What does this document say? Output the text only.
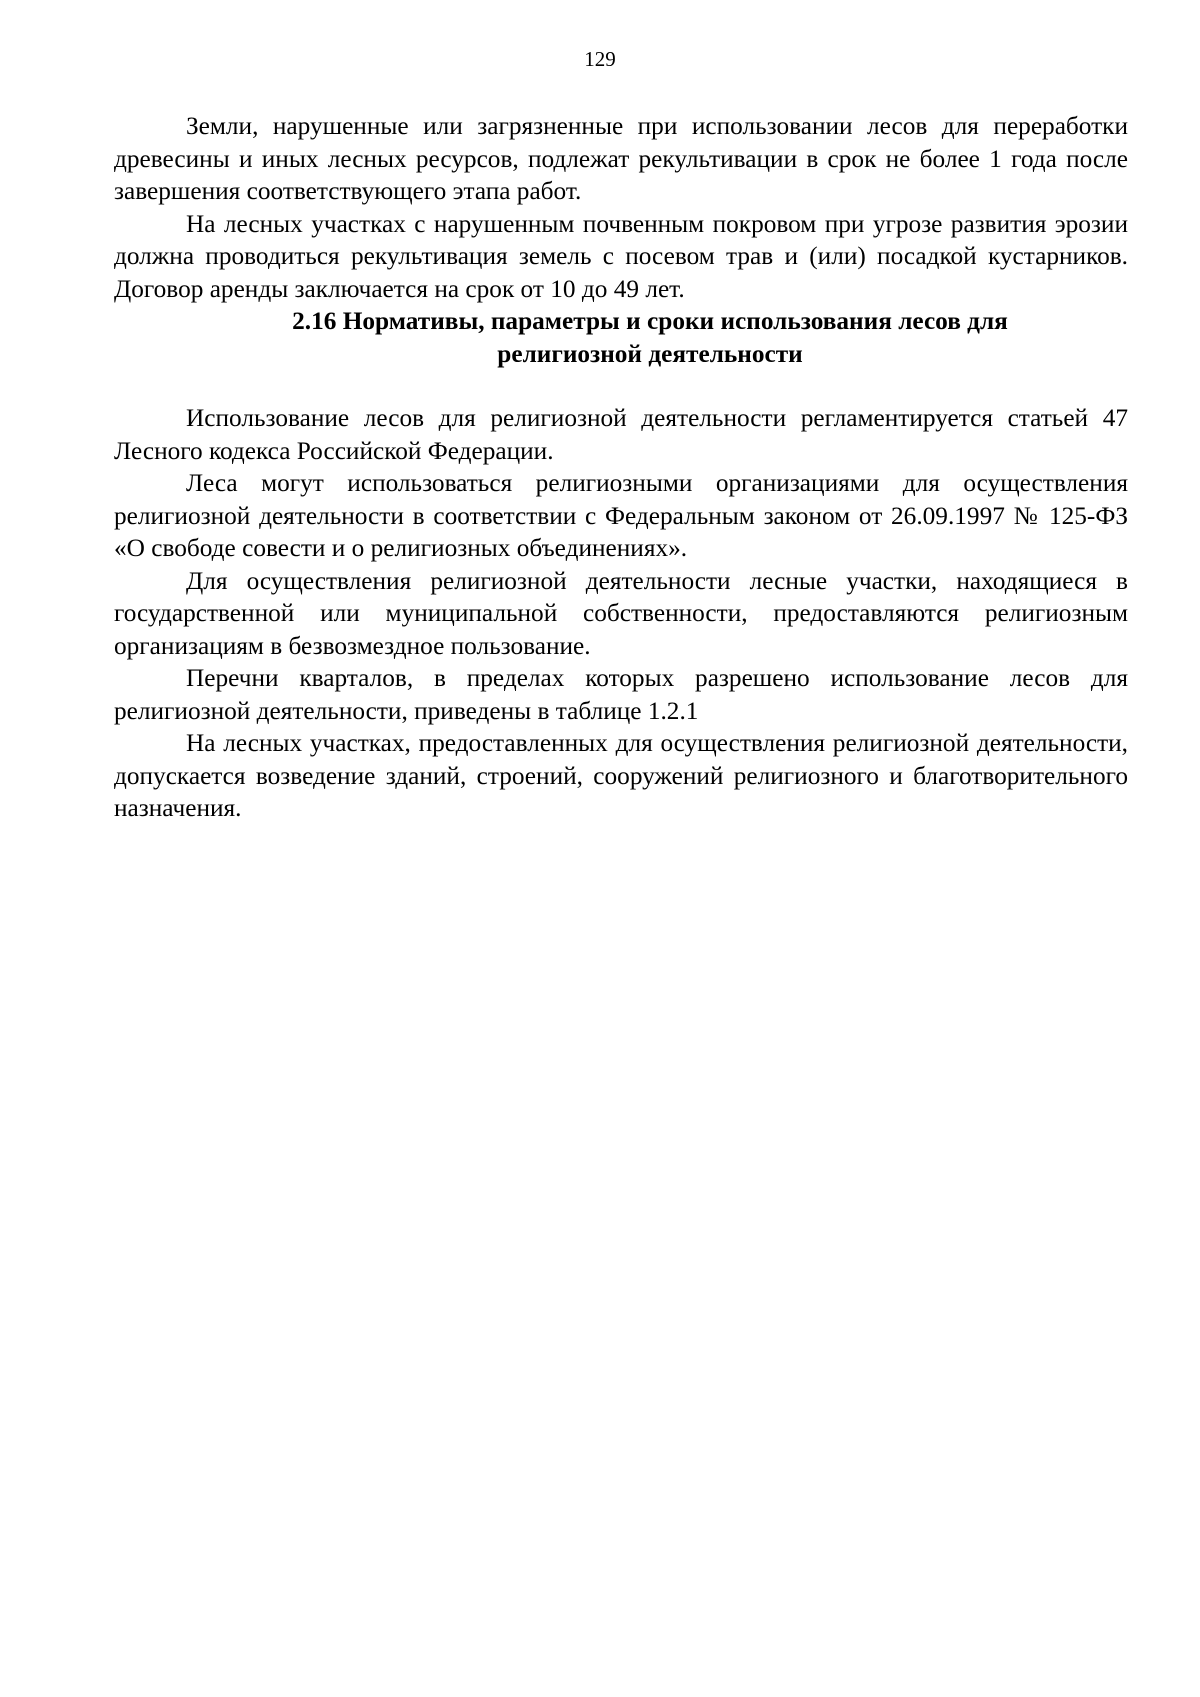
129

Земли, нарушенные или загрязненные при использовании лесов для переработки древесины и иных лесных ресурсов, подлежат рекультивации в срок не более 1 года после завершения соответствующего этапа работ.

На лесных участках с нарушенным почвенным покровом при угрозе развития эрозии должна проводиться рекультивация земель с посевом трав и (или) посадкой кустарников. Договор аренды заключается на срок от 10 до 49 лет.

2.16 Нормативы, параметры и сроки использования лесов для
религиозной деятельности

Использование лесов для религиозной деятельности регламентируется статьей 47 Лесного кодекса Российской Федерации.

Леса могут использоваться религиозными организациями для осуществления религиозной деятельности в соответствии с Федеральным законом от 26.09.1997 № 125-ФЗ «О свободе совести и о религиозных объединениях».

Для осуществления религиозной деятельности лесные участки, находящиеся в государственной или муниципальной собственности, предоставляются религиозным организациям в безвозмездное пользование.

Перечни кварталов, в пределах которых разрешено использование лесов для религиозной деятельности, приведены в таблице 1.2.1

На лесных участках, предоставленных для осуществления религиозной деятельности, допускается возведение зданий, строений, сооружений религиозного и благотворительного назначения.
